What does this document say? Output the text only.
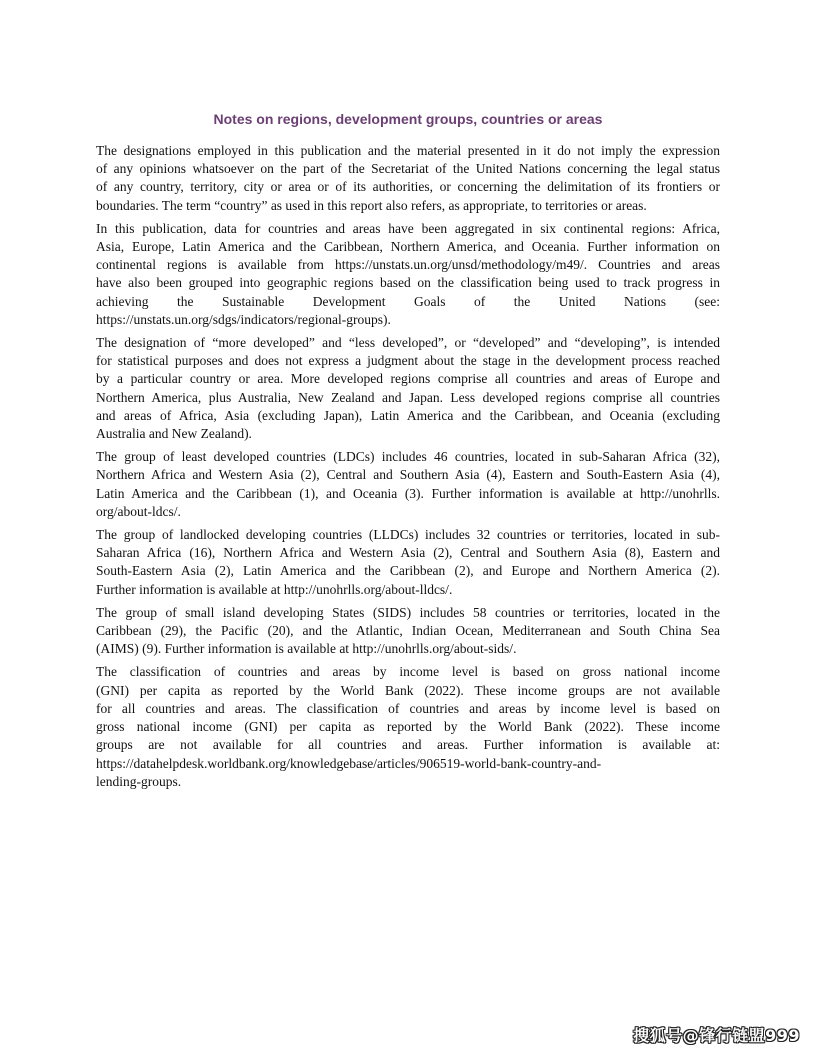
Notes on regions, development groups, countries or areas

The designations employed in this publication and the material presented in it do not imply the expression
of any opinions whatsoever on the part of the Secretariat of the United Nations concerning the legal status
of any country, territory, city or area or of its authorities, or concerning the delimitation of its frontiers or
boundaries. The term “country” as used in this report also refers, as appropriate, to territories or areas.

In this publication, data for countries and areas have been aggregated in six continental regions: Africa,
Asia, Europe, Latin America and the Caribbean, Northern America, and Oceania. Further information on
continental regions is available from https://unstats.un.org/unsd/methodology/m49/. Countries and areas
have also been grouped into geographic regions based on the classification being used to track progress in
achieving the Sustainable Development Goals of the United Nations (see:
https://unstats.un.org/sdgs/indicators/regional-groups).

The designation of “more developed” and “less developed”, or “developed” and “developing”, is intended
for statistical purposes and does not express a judgment about the stage in the development process reached
by a particular country or area. More developed regions comprise all countries and areas of Europe and
Northern America, plus Australia, New Zealand and Japan. Less developed regions comprise all countries
and areas of Africa, Asia (excluding Japan), Latin America and the Caribbean, and Oceania (excluding
Australia and New Zealand).

The group of least developed countries (LDCs) includes 46 countries, located in sub-Saharan Africa (32),
Northern Africa and Western Asia (2), Central and Southern Asia (4), Eastern and South-Eastern Asia (4),
Latin America and the Caribbean (1), and Oceania (3). Further information is available at http://unohrlls.
org/about-ldcs/.

The group of landlocked developing countries (LLDCs) includes 32 countries or territories, located in sub-
Saharan Africa (16), Northern Africa and Western Asia (2), Central and Southern Asia (8), Eastern and
South-Eastern Asia (2), Latin America and the Caribbean (2), and Europe and Northern America (2).
Further information is available at http://unohrlls.org/about-lldcs/.

The group of small island developing States (SIDS) includes 58 countries or territories, located in the
Caribbean (29), the Pacific (20), and the Atlantic, Indian Ocean, Mediterranean and South China Sea
(AIMS) (9). Further information is available at http://unohrlls.org/about-sids/.

The classification of countries and areas by income level is based on gross national income
(GNI) per capita as reported by the World Bank (2022). These income groups are not available
for all countries and areas. The classification of countries and areas by income level is based on
gross national income (GNI) per capita as reported by the World Bank (2022). These income
groups are not available for all countries and areas. Further information is available at:
https://datahelpdesk.worldbank.org/knowledgebase/articles/906519-world-bank-country-and-
lending-groups.

搜狐号@锋行链盟999
